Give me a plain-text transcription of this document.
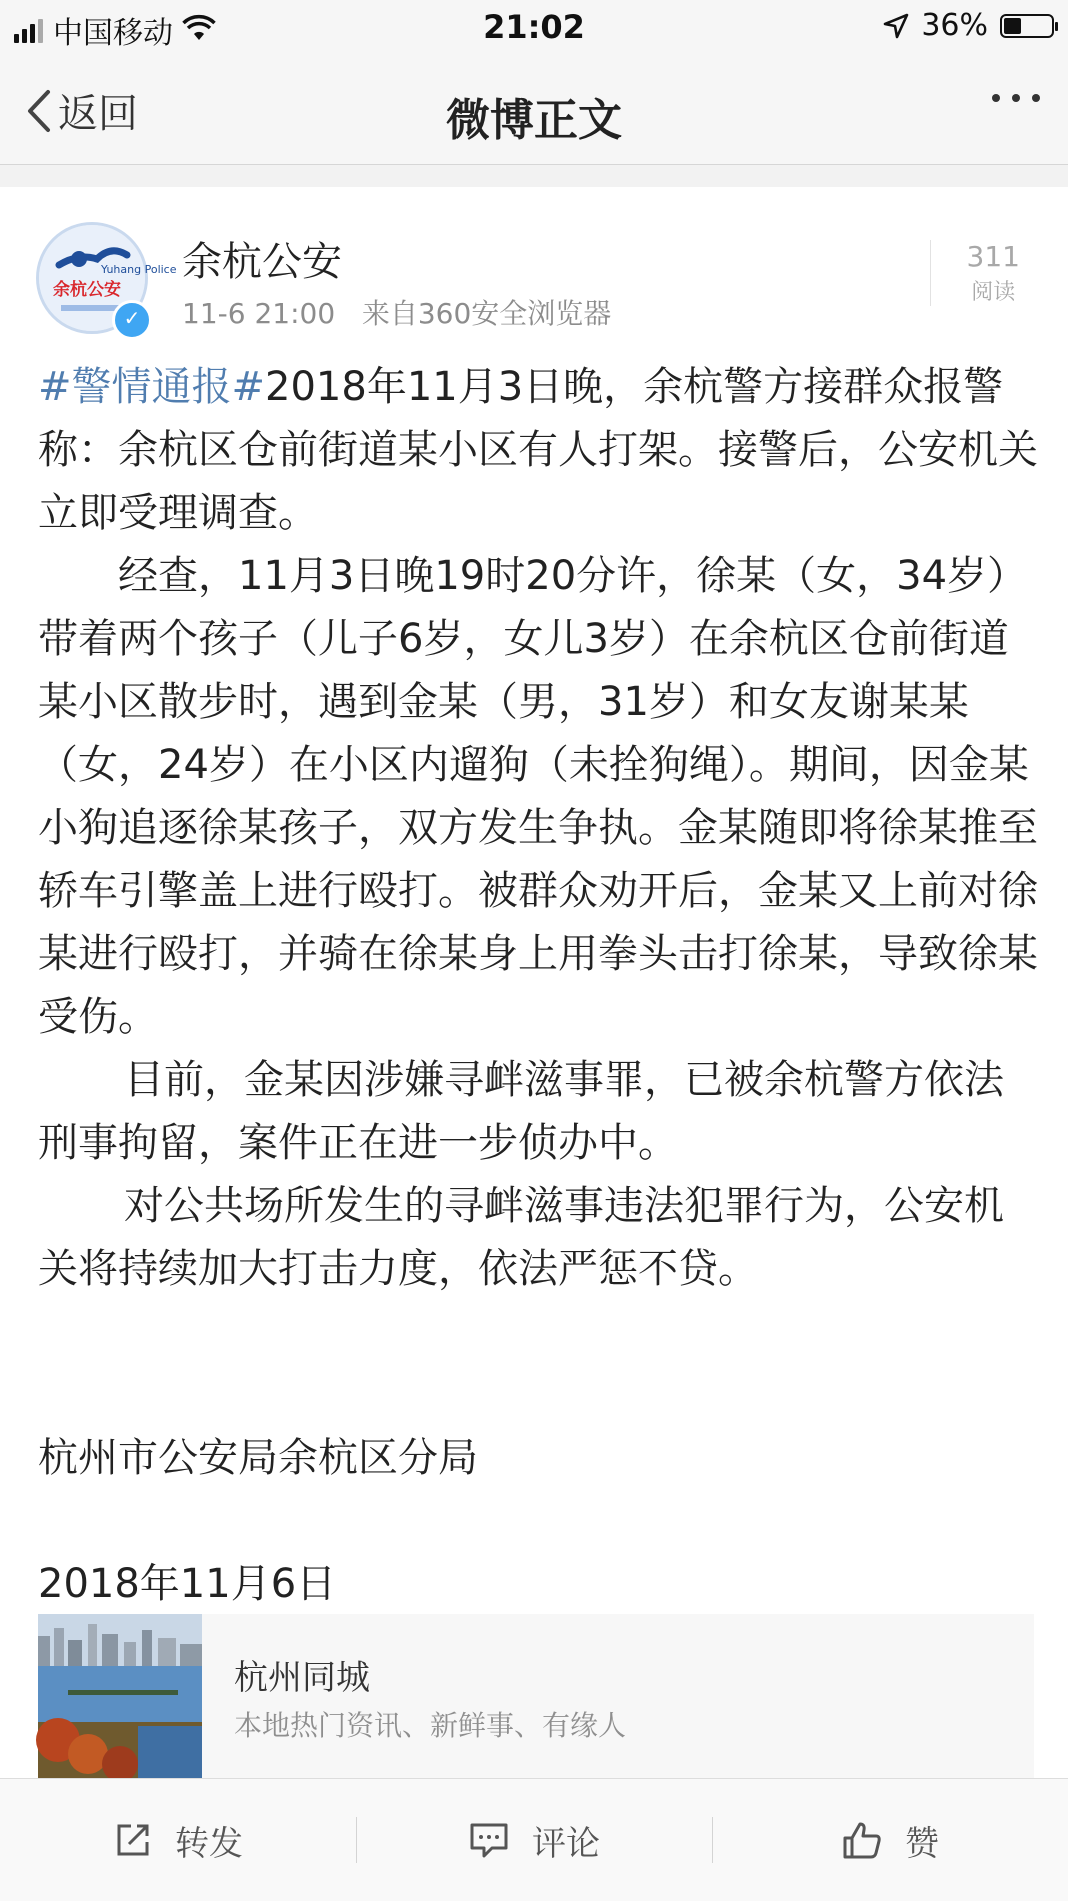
中国移动	21:02	36%
返回	微博正文
Yuhang Police
余杭公安
✓
余杭公安
11-6 21:00 来自360安全浏览器
311
阅读

#警情通报#2018年11月3日晚，余杭警方接群众报警称：余杭区仓前街道某小区有人打架。接警后，公安机关立即受理调查。

经查，11月3日晚19时20分许，徐某（女，34岁）带着两个孩子（儿子6岁，女儿3岁）在余杭区仓前街道某小区散步时，遇到金某（男，31岁）和女友谢某某（女，24岁）在小区内遛狗（未拴狗绳）。期间，因金某小狗追逐徐某孩子，双方发生争执。金某随即将徐某推至轿车引擎盖上进行殴打。被群众劝开后，金某又上前对徐某进行殴打，并骑在徐某身上用拳头击打徐某，导致徐某受伤。

目前，金某因涉嫌寻衅滋事罪，已被余杭警方依法刑事拘留，案件正在进一步侦办中。

对公共场所发生的寻衅滋事违法犯罪行为，公安机关将持续加大打击力度，依法严惩不贷。

杭州市公安局余杭区分局

2018年11月6日

杭州同城
本地热门资讯、新鲜事、有缘人
转发	评论	赞
